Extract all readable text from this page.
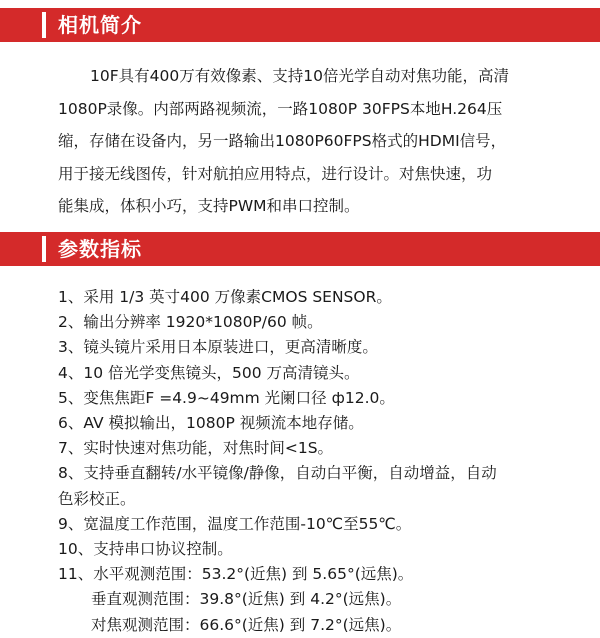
相机简介
10F具有400万有效像素、支持10倍光学自动对焦功能，高清
1080P录像。内部两路视频流，一路1080P 30FPS本地H.264压
缩，存储在设备内，另一路输出1080P60FPS格式的HDMI信号，
用于接无线图传，针对航拍应用特点，进行设计。对焦快速，功
能集成，体积小巧，支持PWM和串口控制。
参数指标
1、采用 1/3 英寸400 万像素CMOS SENSOR。
2、输出分辨率 1920*1080P/60 帧。
3、镜头镜片采用日本原装进口，更高清晰度。
4、10 倍光学变焦镜头，500 万高清镜头。
5、变焦焦距F =4.9~49mm 光阑口径 ф12.0。
6、AV 模拟输出，1080P 视频流本地存储。
7、实时快速对焦功能，对焦时间<1S。
8、支持垂直翻转/水平镜像/静像，自动白平衡，自动增益，自动
色彩校正。
9、宽温度工作范围，温度工作范围-10℃至55℃。
10、支持串口协议控制。
11、水平观测范围：53.2°(近焦) 到 5.65°(远焦)。
垂直观测范围：39.8°(近焦) 到 4.2°(远焦)。
对焦观测范围：66.6°(近焦) 到 7.2°(远焦)。
